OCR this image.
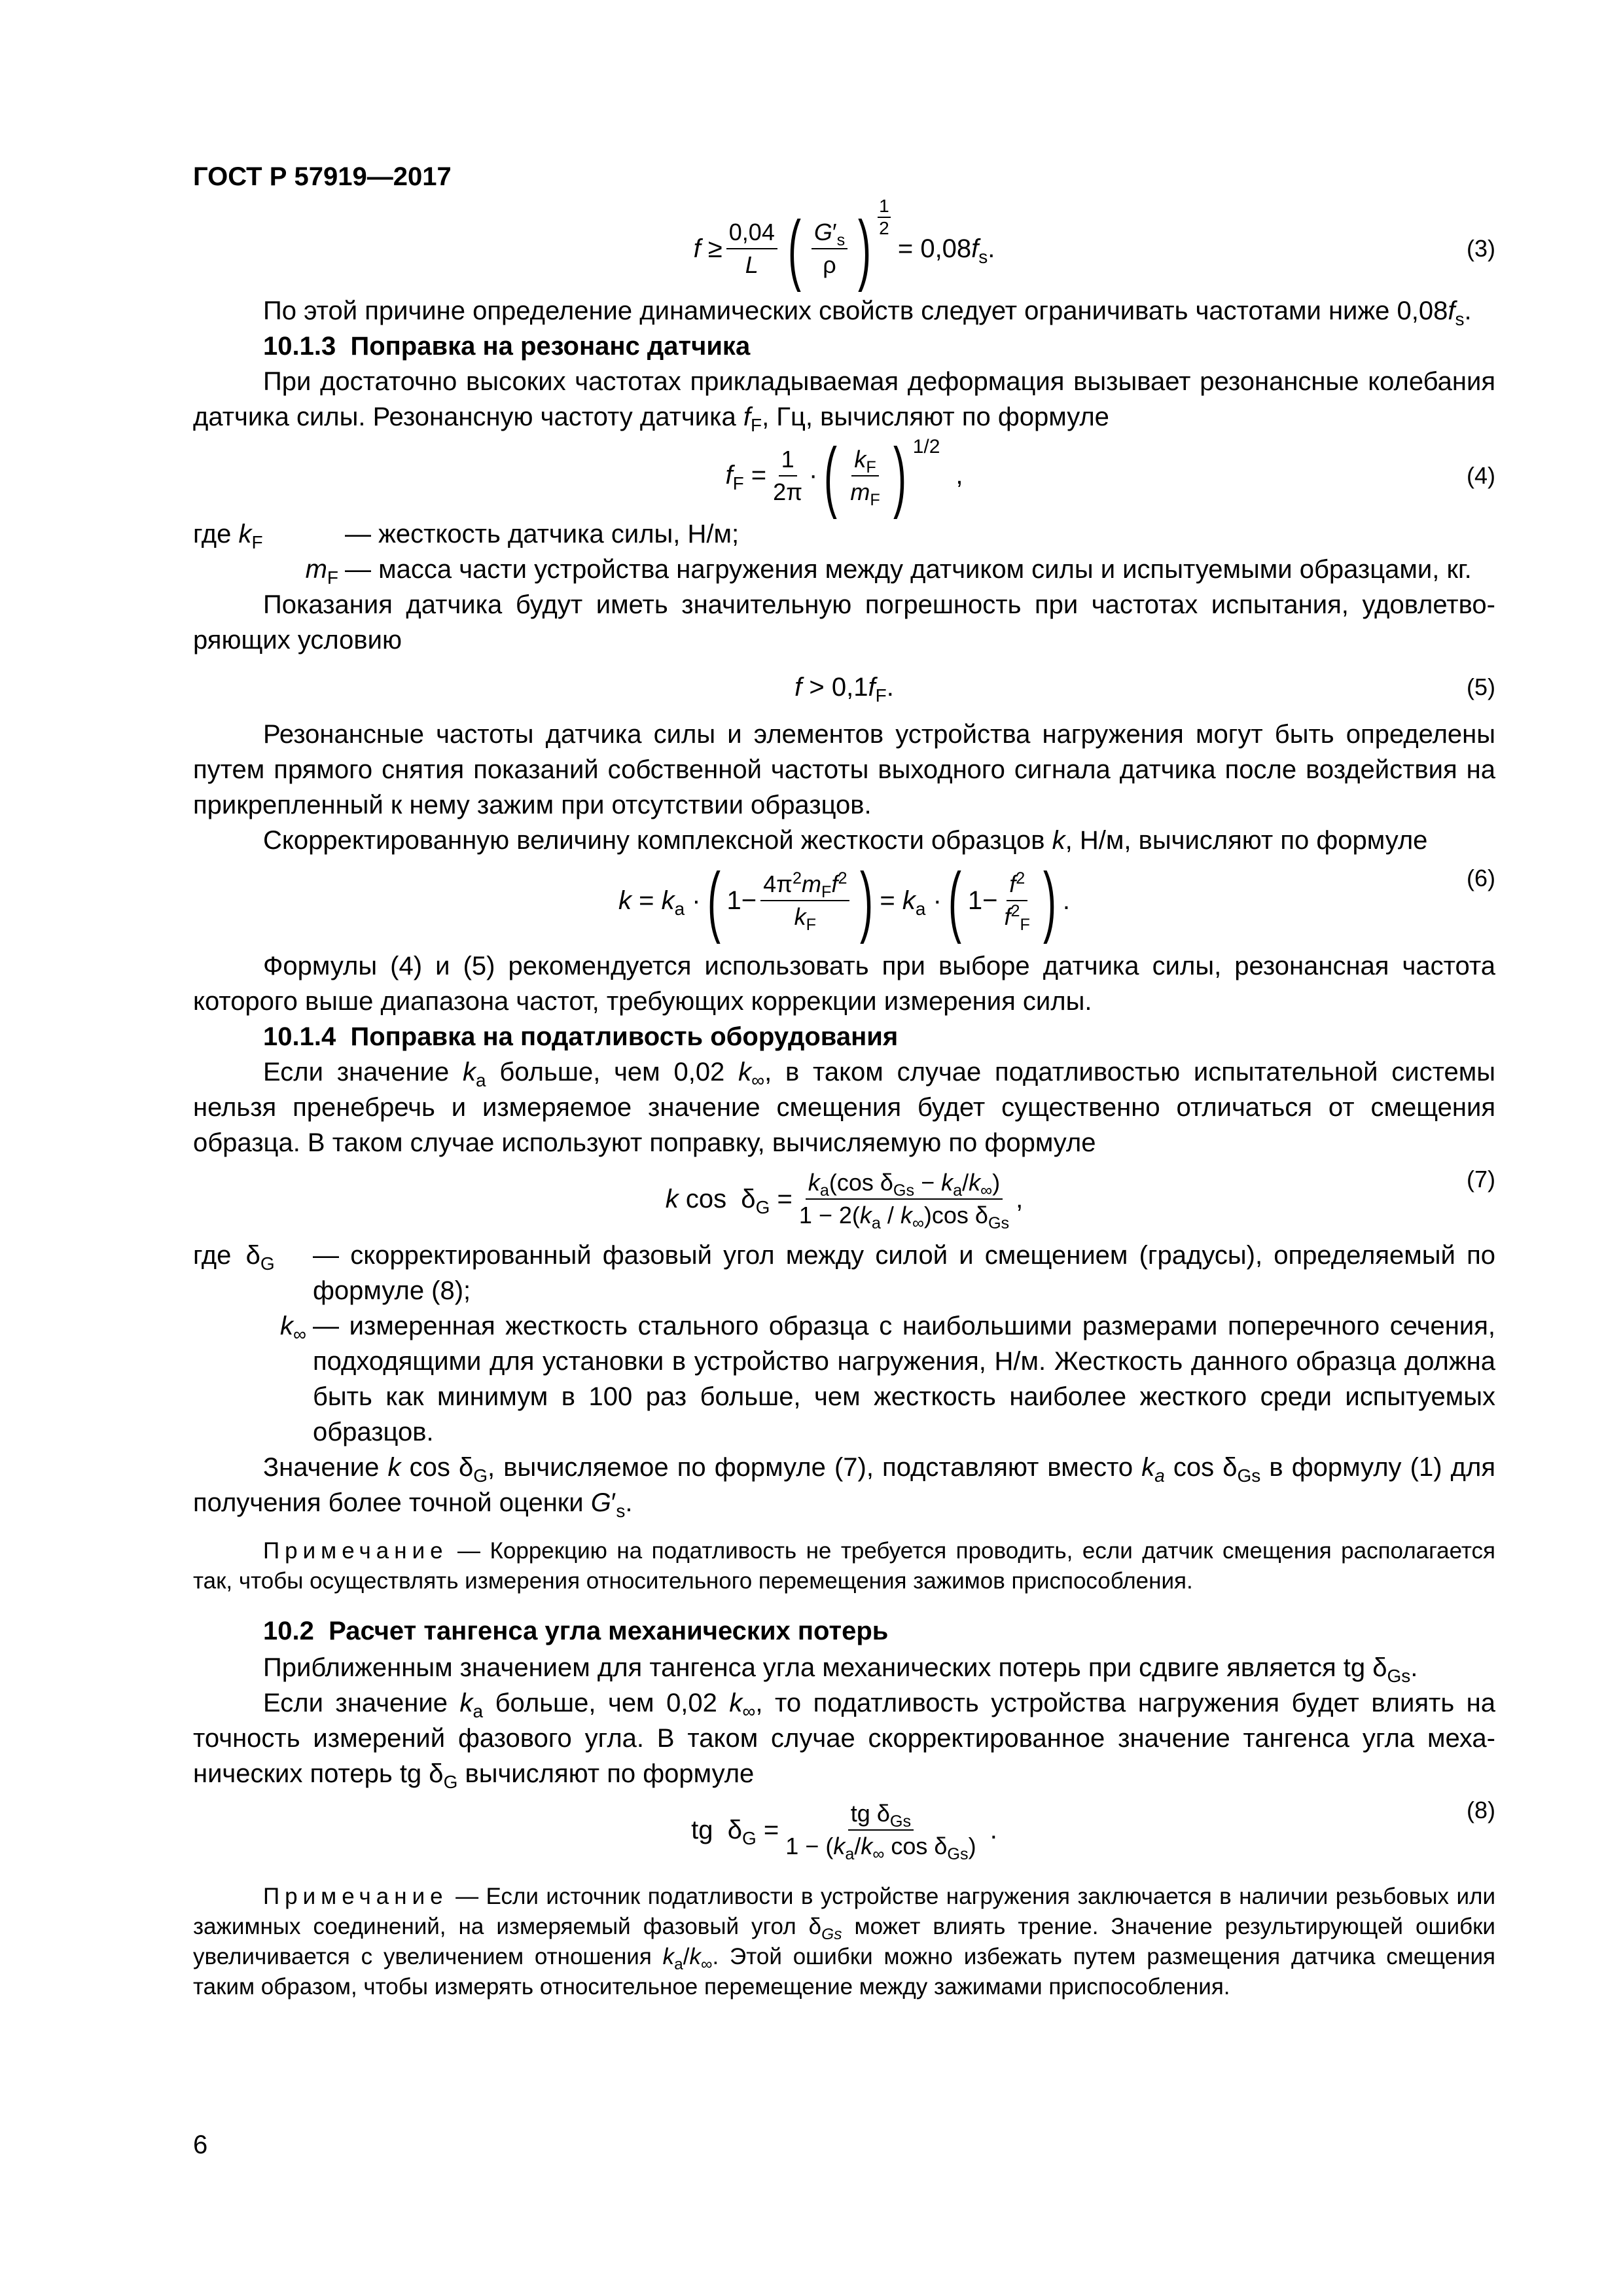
ГОСТ Р 57919—2017
$f \ge \frac{0,04}{L}$ ( $\frac{G'_s}{\rho}$ ) $\frac{1}{2}$
= $0,08f_s$.	(3)

По этой причине определение динамических свойств следует ограничивать частотами ниже $0,08f_s$.

10.1.3 Поправка на резонанс датчика

При достаточно высоких частотах прикладываемая деформация вызывает резонансные колебания датчика силы. Резонансную частоту датчика $f_F$, Гц, вычисляют по формуле

$f_F = \frac{1}{2\pi}$ · ( $\frac{k_F}{m_F}$ ) 1/2
,	(4)
где $k_F$	— жесткость датчика силы, Н/м;
$m_F$ — масса части устройства нагружения между датчиком силы и испытуемыми образцами, кг.

Показания датчика будут иметь значительную погрешность при частотах испытания, удовлетворяющих условию

$f > 0,1f_F$.	(5)

Резонансные частоты датчика силы и элементов устройства нагружения могут быть определены путем прямого снятия показаний собственной частоты выходного сигнала датчика после воздействия на прикрепленный к нему зажим при отсутствии образцов.

Скорректированную величину комплексной жесткости образцов k, Н/м, вычисляют по формуле

$k = k_a$ · ( $1- \frac{4\pi^2m_Ff^2}{k_F}$ ) = $k_a$ · ( $1- \frac{f^2}{f^2_F}$ ) .
(6)

Формулы (4) и (5) рекомендуется использовать при выборе датчика силы, резонансная частота которого выше диапазона частот, требующих коррекции измерения силы.

10.1.4 Поправка на податливость оборудования

Если значение $k_a$ больше, чем 0,02 $k_\infty$, в таком случае податливостью испытательной системы нельзя пренебречь и измеряемое значение смещения будет существенно отличаться от смещения образца. В таком случае используют поправку, вычисляемую по формуле

k $\cos \delta_G = \frac{k_a(\cos \delta_{Gs} - k_a/k_\infty)}{1 - 2(k_a / k_\infty)\cos \delta_{Gs}}$ ,
(7)
где  $\delta_G$	— скорректированный фазовый угол между силой и смещением (градусы), определяемый по формуле (8);
$k_\infty$ — измеренная жесткость стального образца с наибольшими размерами поперечного сечения, подходящими для установки в устройство нагружения, Н/м. Жесткость данного образца должна быть как минимум в 100 раз больше, чем жесткость наиболее жесткого среди испытуемых образцов.

Значение k $\cos \delta_G$, вычисляемое по формуле (7), подставляют вместо $k_a$ $\cos \delta_{Gs}$ в формулу (1) для получения более точной оценки $G'_s$.

Примечание — Коррекцию на податливость не требуется проводить, если датчик смещения располагается так, чтобы осуществлять измерения относительного перемещения зажимов приспособления.

10.2 Расчет тангенса угла механических потерь

Приближенным значением для тангенса угла механических потерь при сдвиге является tg $\delta_{Gs}$.

Если значение $k_a$ больше, чем 0,02 $k_\infty$, то податливость устройства нагружения будет влиять на точность измерений фазового угла. В таком случае скорректированное значение тангенса угла механических потерь tg $\delta_G$ вычисляют по формуле

tg  $\delta_G = \frac{tg \delta_{Gs}}{1 - (k_a/k_\infty \cos \delta_{Gs})}$ .
(8)

Примечание — Если источник податливости в устройстве нагружения заключается в наличии резьбовых или зажимных соединений, на измеряемый фазовый угол $\delta_{Gs}$ может влиять трение. Значение результирующей ошибки увеличивается с увеличением отношения $k_a/k_\infty$. Этой ошибки можно избежать путем размещения датчика смещения таким образом, чтобы измерять относительное перемещение между зажимами приспособления.

6
